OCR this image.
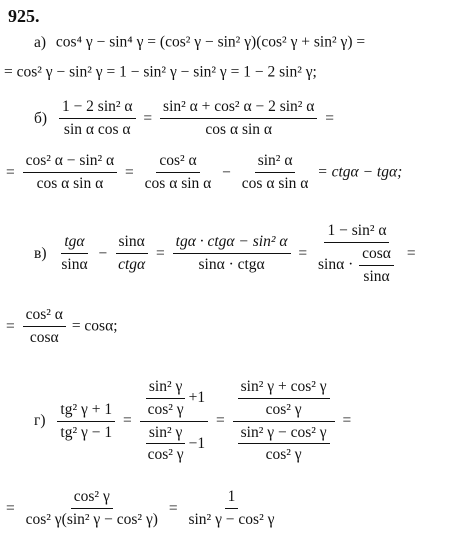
925.
а) cos⁴ γ − sin⁴ γ = (cos² γ − sin² γ)(cos² γ + sin² γ) =
= cos² γ − sin² γ = 1 − sin² γ − sin² γ = 1 − 2 sin² γ;
$б) \frac{\text{1 − 2 sin² α}}{\text{sin α cos α}} = \frac{\text{sin² α + cos² α − 2 sin² α}}{\text{cos α sin α}}$ =
= $\frac{\text{cos² α − sin² α}}{\text{cos α sin α}} = \frac{\text{cos² α}}{\text{cos α sin α}} - \frac{\text{sin² α}}{\text{cos α sin α}} = ctg\alpha - tg\alpha$;
$в) \frac{\text{tgα}}{\sin\alpha} - \frac{\sin\alpha}{\text{ctgα}} = \frac{\text{tgα · ctgα − sin² α}}{\text{sinα · ctgα}} = \frac{\text{1 − sin² α}}{\sin\alpha \cdot \frac{\cos\alpha}{\sin\alpha}}$ =
= $\frac{\text{cos² α}}{\cos\alpha} = \cos\alpha$;
$г) \frac{\text{tg² γ + 1}}{\text{tg² γ − 1}} = \frac{\frac{\text{sin² γ}}{\text{cos² γ}} +1}{\frac{\text{sin² γ}}{\text{cos² γ}} -1} = \frac{\frac{\text{sin² γ + cos² γ}}{\text{cos² γ}}}{\frac{\text{sin² γ − cos² γ}}{\text{cos² γ}}}$ =
= $\frac{\text{cos² γ}}{\text{cos² γ(sin² γ − cos² γ)}} = \frac{1}{\text{sin² γ − cos² γ}}$
